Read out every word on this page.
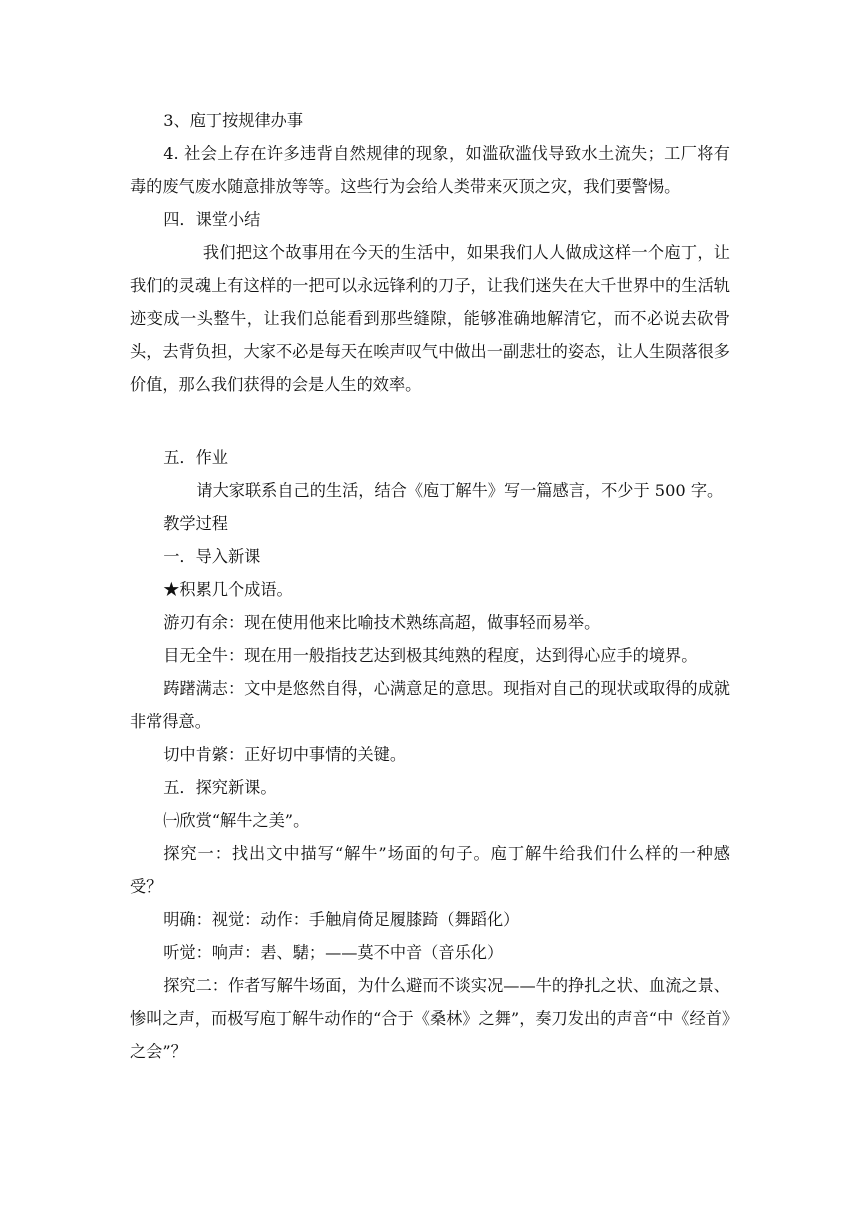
3、庖丁按规律办事

4. 社会上存在许多违背自然规律的现象，如滥砍滥伐导致水土流失；工厂将有毒的废气废水随意排放等等。这些行为会给人类带来灭顶之灾，我们要警惕。

四．课堂小结

我们把这个故事用在今天的生活中，如果我们人人做成这样一个庖丁，让我们的灵魂上有这样的一把可以永远锋利的刀子，让我们迷失在大千世界中的生活轨迹变成一头整牛，让我们总能看到那些缝隙，能够准确地解清它，而不必说去砍骨头，去背负担，大家不必是每天在唉声叹气中做出一副悲壮的姿态，让人生陨落很多价值，那么我们获得的会是人生的效率。

五．作业

请大家联系自己的生活，结合《庖丁解牛》写一篇感言，不少于 500 字。

教学过程

一．导入新课

★积累几个成语。

游刃有余：现在使用他来比喻技术熟练高超，做事轻而易举。

目无全牛：现在用一般指技艺达到极其纯熟的程度，达到得心应手的境界。

踌躇满志：文中是悠然自得，心满意足的意思。现指对自己的现状或取得的成就非常得意。

切中肯綮：正好切中事情的关键。

五．探究新课。

㈠欣赏“解牛之美”。

探究一：找出文中描写“解牛”场面的句子。庖丁解牛给我们什么样的一种感受？

明确：视觉：动作：手触肩倚足履膝踦（舞蹈化）

听觉：响声：砉、騞；——莫不中音（音乐化）

探究二：作者写解牛场面，为什么避而不谈实况——牛的挣扎之状、血流之景、惨叫之声，而极写庖丁解牛动作的“合于《桑林》之舞”，奏刀发出的声音“中《经首》之会”？
